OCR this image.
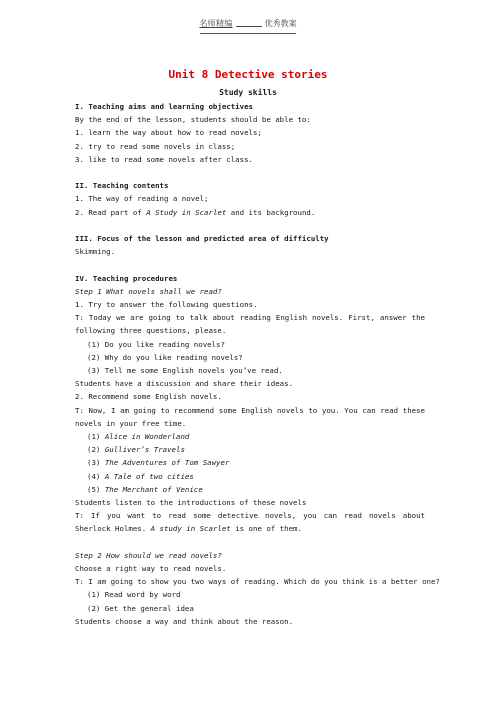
名师精编	优秀教案
Unit 8 Detective stories
Study skills
I. Teaching aims and learning objectives
By the end of the lesson, students should be able to:
1. learn the way about how to read novels;
2. try to read some novels in class;
3. like to read some novels after class.
II. Teaching contents
1. The way of reading a novel;
2. Read part of A Study in Scarlet and its background.
III. Focus of the lesson and predicted area of difficulty
Skimming.
IV. Teaching procedures
Step 1 What novels shall we read?
1. Try to answer the following questions.
T: Today we are going to talk about reading English novels. First, answer the following three questions, please.
(1) Do you like reading novels?
(2) Why do you like reading novels?
(3) Tell me some English novels you’ve read.
Students have a discussion and share their ideas.
2. Recommend some English novels.
T: Now, I am going to recommend some English novels to you. You can read these novels in your free time.
(1) Alice in Wonderland
(2) Gulliver’s Travels
(3) The Adventures of Tom Sawyer
(4) A Tale of two cities
(5) The Merchant of Venice
Students listen to the introductions of these novels
T: If you want to read some detective novels, you can read novels about Sherlock Holmes. A study in Scarlet is one of them.
Step 2 How should we read novels?
Choose a right way to read novels.
T: I am going to show you two ways of reading. Which do you think is a better one?
(1) Read word by word
(2) Get the general idea
Students choose a way and think about the reason.
